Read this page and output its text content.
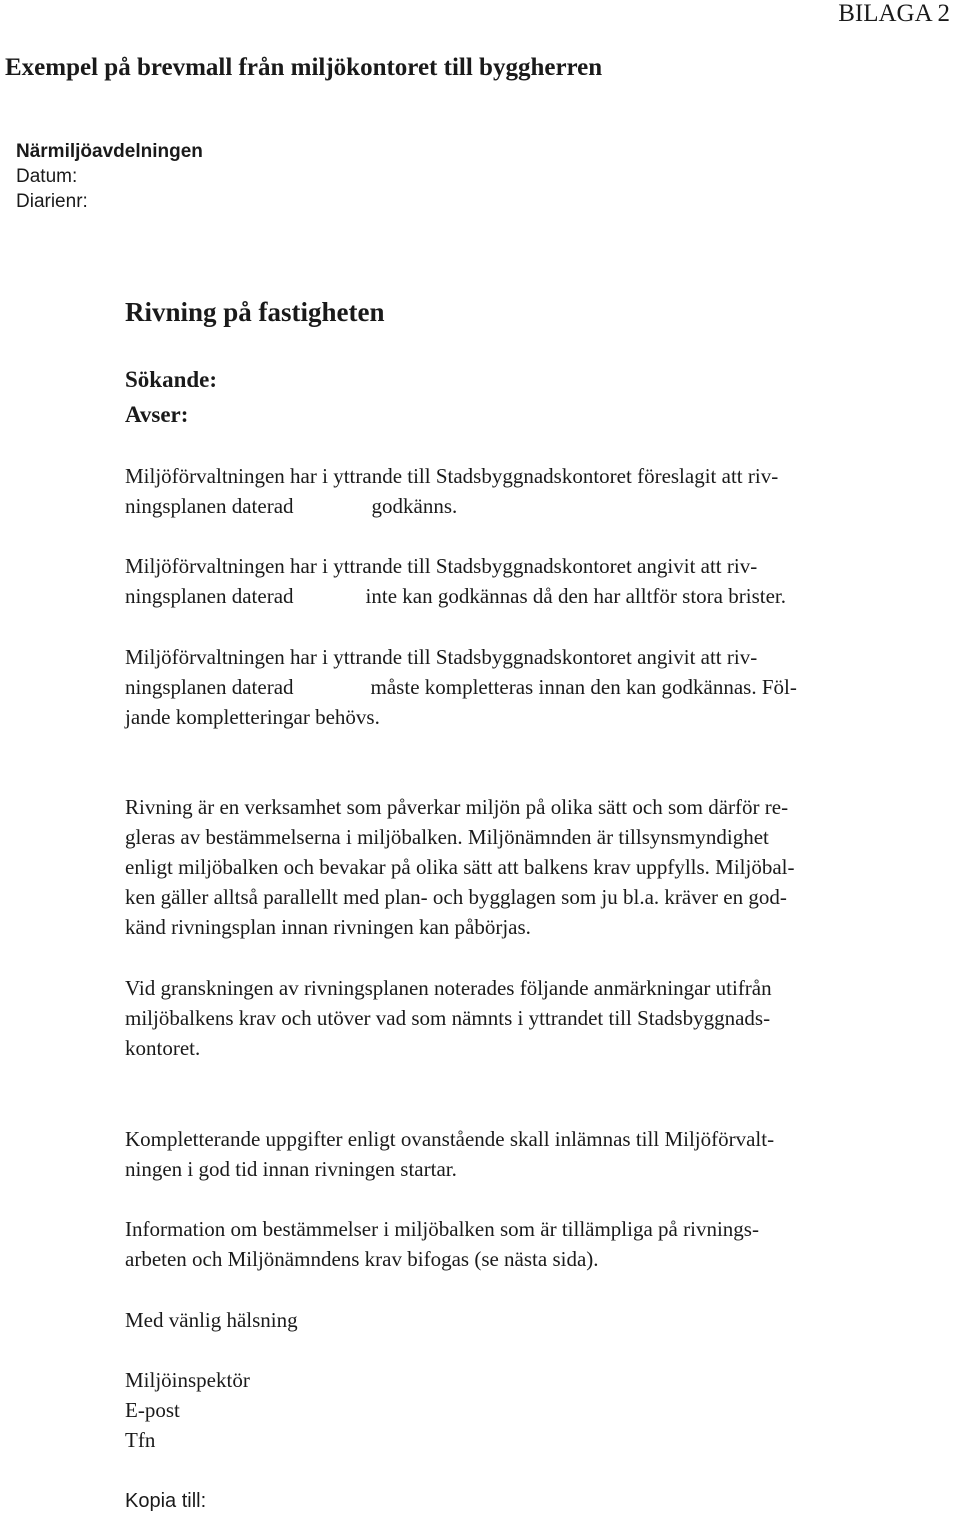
BILAGA 2
Exempel på brevmall från miljökontoret till byggherren
Närmiljöavdelningen
Datum:
Diarienr:
Rivning på fastigheten
Sökande:
Avser:
Miljöförvaltningen har i yttrande till Stadsbyggnadskontoret föreslagit att riv-
ningsplanen daterad	godkänns.
Miljöförvaltningen har i yttrande till Stadsbyggnadskontoret angivit att riv-
ningsplanen daterad	inte kan godkännas då den har alltför stora brister.
Miljöförvaltningen har i yttrande till Stadsbyggnadskontoret angivit att riv-
ningsplanen daterad	måste kompletteras innan den kan godkännas. Föl-
jande kompletteringar behövs.
Rivning är en verksamhet som påverkar miljön på olika sätt och som därför re-
gleras av bestämmelserna i miljöbalken. Miljönämnden är tillsynsmyndighet
enligt miljöbalken och bevakar på olika sätt att balkens krav uppfylls. Miljöbal-
ken gäller alltså parallellt med plan- och bygglagen som ju bl.a. kräver en god-
känd rivningsplan innan rivningen kan påbörjas.
Vid granskningen av rivningsplanen noterades följande anmärkningar utifrån
miljöbalkens krav och utöver vad som nämnts i yttrandet till Stadsbyggnads-
kontoret.
Kompletterande uppgifter enligt ovanstående skall inlämnas till Miljöförvalt-
ningen i god tid innan rivningen startar.
Information om bestämmelser i miljöbalken som är tillämpliga på rivnings-
arbeten och Miljönämndens krav bifogas (se nästa sida).
Med vänlig hälsning
Miljöinspektör
E-post
Tfn
Kopia till:
